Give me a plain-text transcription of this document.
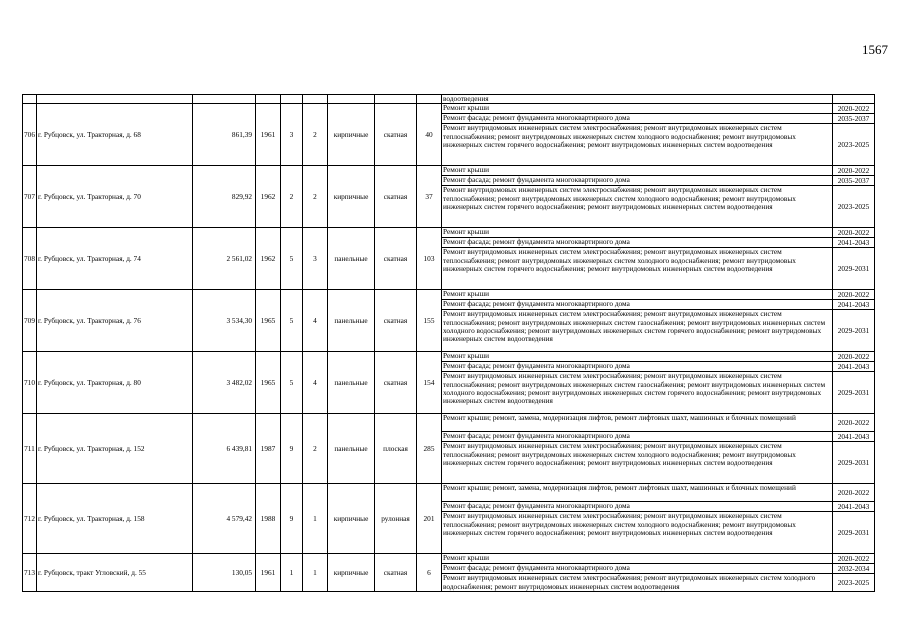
1567
									водоотведения	
706	г. Рубцовск, ул. Тракторная, д. 68	861,39	1961	3	2	кирпичные	скатная	40	Ремонт крыши	2020-2022
									Ремонт фасада; ремонт фундамента многоквартирного дома	2035-2037
									Ремонт внутридомовых инженерных систем электроснабжения; ремонт внутридомовых инженерных систем теплоснабжения; ремонт внутридомовых инженерных систем холодного водоснабжения; ремонт внутридомовых инженерных систем горячего водоснабжения; ремонт внутридомовых инженерных систем водоотведения	2023-2025
707	г. Рубцовск, ул. Тракторная, д. 70	829,92	1962	2	2	кирпичные	скатная	37	Ремонт крыши	2020-2022
									Ремонт фасада; ремонт фундамента многоквартирного дома	2035-2037
									Ремонт внутридомовых инженерных систем электроснабжения; ремонт внутридомовых инженерных систем теплоснабжения; ремонт внутридомовых инженерных систем холодного водоснабжения; ремонт внутридомовых инженерных систем горячего водоснабжения; ремонт внутридомовых инженерных систем водоотведения	2023-2025
708	г. Рубцовск, ул. Тракторная, д. 74	2 561,02	1962	5	3	панельные	скатная	103	Ремонт крыши	2020-2022
									Ремонт фасада; ремонт фундамента многоквартирного дома	2041-2043
									Ремонт внутридомовых инженерных систем электроснабжения; ремонт внутридомовых инженерных систем теплоснабжения; ремонт внутридомовых инженерных систем холодного водоснабжения; ремонт внутридомовых инженерных систем горячего водоснабжения; ремонт внутридомовых инженерных систем водоотведения	2029-2031
709	г. Рубцовск, ул. Тракторная, д. 76	3 534,30	1965	5	4	панельные	скатная	155	Ремонт крыши	2020-2022
									Ремонт фасада; ремонт фундамента многоквартирного дома	2041-2043
									Ремонт внутридомовых инженерных систем электроснабжения; ремонт внутридомовых инженерных систем теплоснабжения; ремонт внутридомовых инженерных систем газоснабжения; ремонт внутридомовых инженерных систем холодного водоснабжения; ремонт внутридомовых инженерных систем горячего водоснабжения; ремонт внутридомовых инженерных систем водоотведения	2029-2031
710	г. Рубцовск, ул. Тракторная, д. 80	3 482,02	1965	5	4	панельные	скатная	154	Ремонт крыши	2020-2022
									Ремонт фасада; ремонт фундамента многоквартирного дома	2041-2043
									Ремонт внутридомовых инженерных систем электроснабжения; ремонт внутридомовых инженерных систем теплоснабжения; ремонт внутридомовых инженерных систем газоснабжения; ремонт внутридомовых инженерных систем холодного водоснабжения; ремонт внутридомовых инженерных систем горячего водоснабжения; ремонт внутридомовых инженерных систем водоотведения	2029-2031
711	г. Рубцовск, ул. Тракторная, д. 152	6 439,81	1987	9	2	панельные	плоская	285	Ремонт крыши; ремонт, замена, модернизация лифтов, ремонт лифтовых шахт, машинных и блочных помещений	2020-2022
									Ремонт фасада; ремонт фундамента многоквартирного дома	2041-2043
									Ремонт внутридомовых инженерных систем электроснабжения; ремонт внутридомовых инженерных систем теплоснабжения; ремонт внутридомовых инженерных систем холодного водоснабжения; ремонт внутридомовых инженерных систем горячего водоснабжения; ремонт внутридомовых инженерных систем водоотведения	2029-2031
712	г. Рубцовск, ул. Тракторная, д. 158	4 579,42	1988	9	1	кирпичные	рулонная	201	Ремонт крыши; ремонт, замена, модернизация лифтов, ремонт лифтовых шахт, машинных и блочных помещений	2020-2022
									Ремонт фасада; ремонт фундамента многоквартирного дома	2041-2043
									Ремонт внутридомовых инженерных систем электроснабжения; ремонт внутридомовых инженерных систем теплоснабжения; ремонт внутридомовых инженерных систем холодного водоснабжения; ремонт внутридомовых инженерных систем горячего водоснабжения; ремонт внутридомовых инженерных систем водоотведения	2029-2031
713	г. Рубцовск, тракт Угловский, д. 55	130,05	1961	1	1	кирпичные	скатная	6	Ремонт крыши	2020-2022
									Ремонт фасада; ремонт фундамента многоквартирного дома	2032-2034
									Ремонт внутридомовых инженерных систем электроснабжения; ремонт внутридомовых инженерных систем холодного водоснабжения; ремонт внутридомовых инженерных систем водоотведения	2023-2025
